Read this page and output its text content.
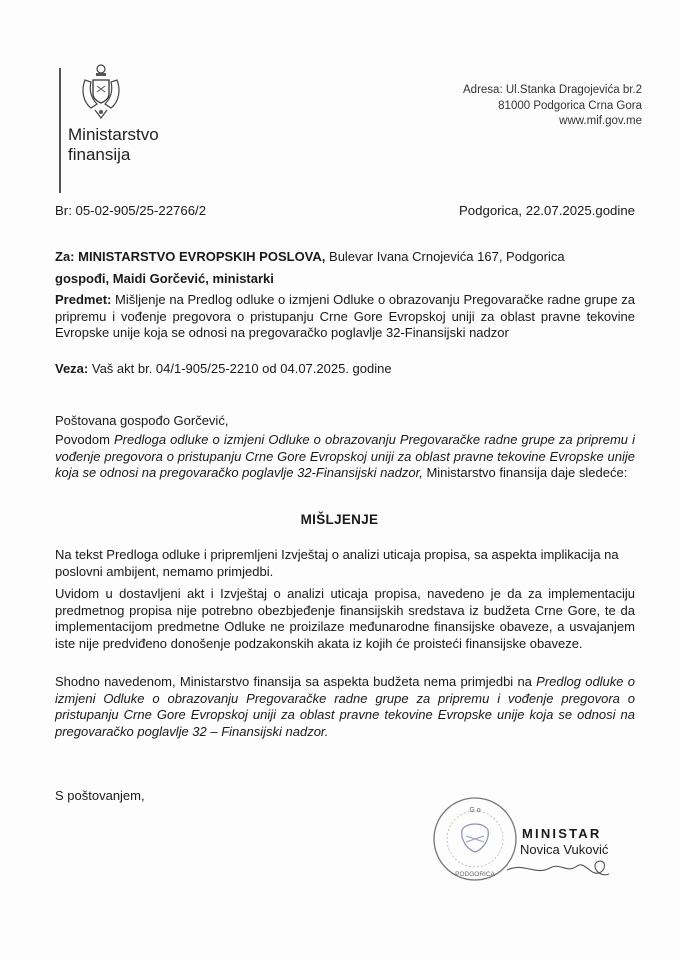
Ministarstvo
finansija
Adresa: Ul.Stanka Dragojevića br.2
81000 Podgorica Crna Gora
www.mif.gov.me
Br: 05-02-905/25-22766/2	Podgorica, 22.07.2025.godine
Za: MINISTARSTVO EVROPSKIH POSLOVA, Bulevar Ivana Crnojevića 167, Podgorica
gospođi, Maidi Gorčević, ministarki
Predmet: Mišljenje na Predlog odluke o izmjeni Odluke o obrazovanju Pregovaračke radne grupe za pripremu i vođenje pregovora o pristupanju Crne Gore Evropskoj uniji za oblast pravne tekovine Evropske unije koja se odnosi na pregovaračko poglavlje 32-Finansijski nadzor
Veza: Vaš akt br. 04/1-905/25-2210 od 04.07.2025. godine
Poštovana gospođo Gorčević,
Povodom Predloga odluke o izmjeni Odluke o obrazovanju Pregovaračke radne grupe za pripremu i vođenje pregovora o pristupanju Crne Gore Evropskoj uniji za oblast pravne tekovine Evropske unije koja se odnosi na pregovaračko poglavlje 32-Finansijski nadzor, Ministarstvo finansija daje sledeće:
MIŠLJENJE
Na tekst Predloga odluke i pripremljeni Izvještaj o analizi uticaja propisa, sa aspekta implikacija na poslovni ambijent, nemamo primjedbi.
Uvidom u dostavljeni akt i Izvještaj o analizi uticaja propisa, navedeno je da za implementaciju predmetnog propisa nije potrebno obezbjeđenje finansijskih sredstava iz budžeta Crne Gore, te da implementacijom predmetne Odluke ne proizilaze međunarodne finansijske obaveze, a usvajanjem iste nije predviđeno donošenje podzakonskih akata iz kojih će proisteći finansijske obaveze.
Shodno navedenom, Ministarstvo finansija sa aspekta budžeta nema primjedbi na Predlog odluke o izmjeni Odluke o obrazovanju Pregovaračke radne grupe za pripremu i vođenje pregovora o pristupanju Crne Gore Evropskoj uniji za oblast pravne tekovine Evropske unije koja se odnosi na pregovaračko poglavlje 32 – Finansijski nadzor.
S poštovanjem,
G o
PODGORICA
MINISTAR
Novica Vuković
